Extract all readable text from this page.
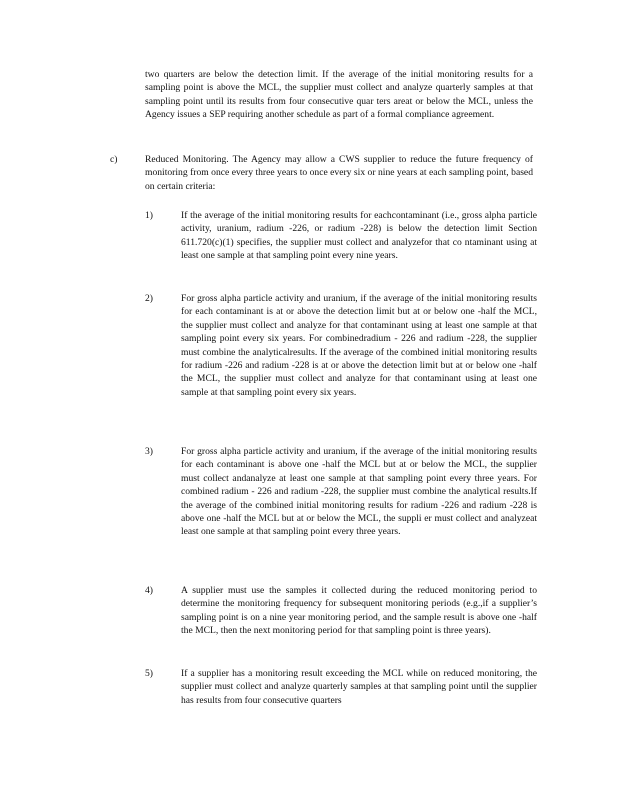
two quarters are below the detection limit. If the average of the initial monitoring results for a sampling point is above the MCL, the supplier must collect and analyze quarterly samples at that sampling point until its results from four consecutive quar ters areat or below the MCL, unless the Agency issues a SEP requiring another schedule as part of a formal compliance agreement.
c)	Reduced Monitoring. The Agency may allow a CWS supplier to reduce the future frequency of monitoring from once every three years to once every six or nine years at each sampling point, based on certain criteria:
1)	If the average of the initial monitoring results for eachcontaminant (i.e., gross alpha particle activity, uranium, radium -226, or radium -228) is below the detection limit Section 611.720(c)(1) specifies, the supplier must collect and analyzefor that co ntaminant using at least one sample at that sampling point every nine years.
2)	For gross alpha particle activity and uranium, if the average of the initial monitoring results for each contaminant is at or above the detection limit but at or below one -half the MCL, the supplier must collect and analyze for that contaminant using at least one sample at that sampling point every six years. For combinedradium - 226 and radium -228, the supplier must combine the analyticalresults. If the average of the combined initial monitoring results for radium -226 and radium -228 is at or above the detection limit but at or below one -half the MCL, the supplier must collect and analyze for that contaminant using at least one sample at that sampling point every six years.
3)	For gross alpha particle activity and uranium, if the average of the initial monitoring results for each contaminant is above one -half the MCL but at or below the MCL, the supplier must collect andanalyze at least one sample at that sampling point every three years. For combined radium - 226 and radium -228, the supplier must combine the analytical results.If the average of the combined initial monitoring results for radium -226 and radium -228 is above one -half the MCL but at or below the MCL, the suppli er must collect and analyzeat least one sample at that sampling point every three years.
4)	A supplier must use the samples it collected during the reduced monitoring period to determine the monitoring frequency for subsequent monitoring periods (e.g.,if a supplier’s sampling point is on a nine year monitoring period, and the sample result is above one -half the MCL, then the next monitoring period for that sampling point is three years).
5)	If a supplier has a monitoring result exceeding the MCL while on reduced monitoring, the supplier must collect and analyze quarterly samples at that sampling point until the supplier has results from four consecutive quarters
